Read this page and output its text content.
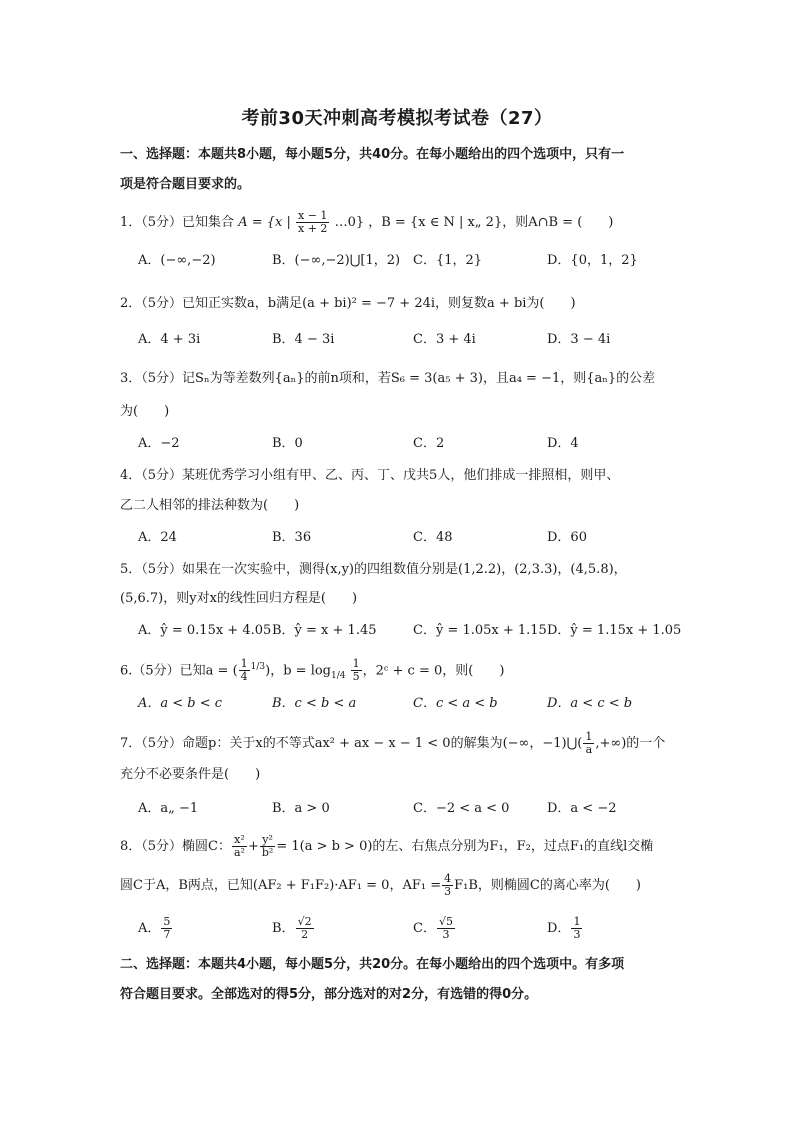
考前30天冲刺高考模拟考试卷（27）
一、选择题：本题共8小题，每小题5分，共40分。在每小题给出的四个选项中，只有一
项是符合题目要求的。
1．（5分）已知集合 A = {x | $\frac{x - 1}{x + 2}$ …0} ，B = {x ∈ N | x„ 2}，则A∩B = (　　)
A．(−∞,−2)	B．(−∞,−2)⋃[1，2) C．{1，2}	D．{0，1，2}
2．（5分）已知正实数a，b满足(a + bi)² = −7 + 24i，则复数a + bi为(　　)
A．4 + 3i	B．4 − 3i	C．3 + 4i	D．3 − 4i
3．（5分）记Sₙ为等差数列{aₙ}的前n项和，若S₆ = 3(a₅ + 3)，且a₄ = −1，则{aₙ}的公差
为(　　)
A．−2	B．0	C．2	D．4
4．（5分）某班优秀学习小组有甲、乙、丙、丁、戊共5人，他们排成一排照相，则甲、
乙二人相邻的排法种数为(　　)
A．24	B．36	C．48	D．60
5．（5分）如果在一次实验中，测得(x,y)的四组数值分别是(1,2.2)，(2,3.3)，(4,5.8)，
(5,6.7)，则y对x的线性回归方程是(　　)
A．ŷ = 0.15x + 4.05 B．ŷ = x + 1.45	C．ŷ = 1.05x + 1.15 D．ŷ = 1.15x + 1.05
6.（5分）已知a = ( $\frac{1}{4} ^{1/3}$)，$b = \log_{1/4} \frac{1}{5}$ ，2ᶜ + c = 0，则(　　)
A．a < b < c	B．c < b < a	C．c < a < b	D．a < c < b
7．（5分）命题p：关于x的不等式ax² + ax − x − 1 < 0的解集为(−∞，−1)⋃( $\frac{1}{a}$ ,+∞)的一个
充分不必要条件是(　　)
A．a„ −1	B．a > 0	C．−2 < a < 0	D．a < −2
8．（5分）椭圆C： $\frac{\text{x²}}{\text{a²}} + \frac{\text{y²}}{\text{b²}} = 1(a > b > 0)$的左、右焦点分别为F₁，F₂，过点F₁的直线l交椭
圆C于A，B两点，已知(AF₂ + F₁F₂)·AF₁ = 0，$AF_1 = \frac{4}{3} F_1B$，则椭圆C的离心率为(　　)
A． $\frac{5}{7}$	B． $\frac{√2}{2}$	C． $\frac{√5}{3}$	D． $\frac{1}{3}$
二、选择题：本题共4小题，每小题5分，共20分。在每小题给出的四个选项中。有多项
符合题目要求。全部选对的得5分，部分选对的对2分，有选错的得0分。
